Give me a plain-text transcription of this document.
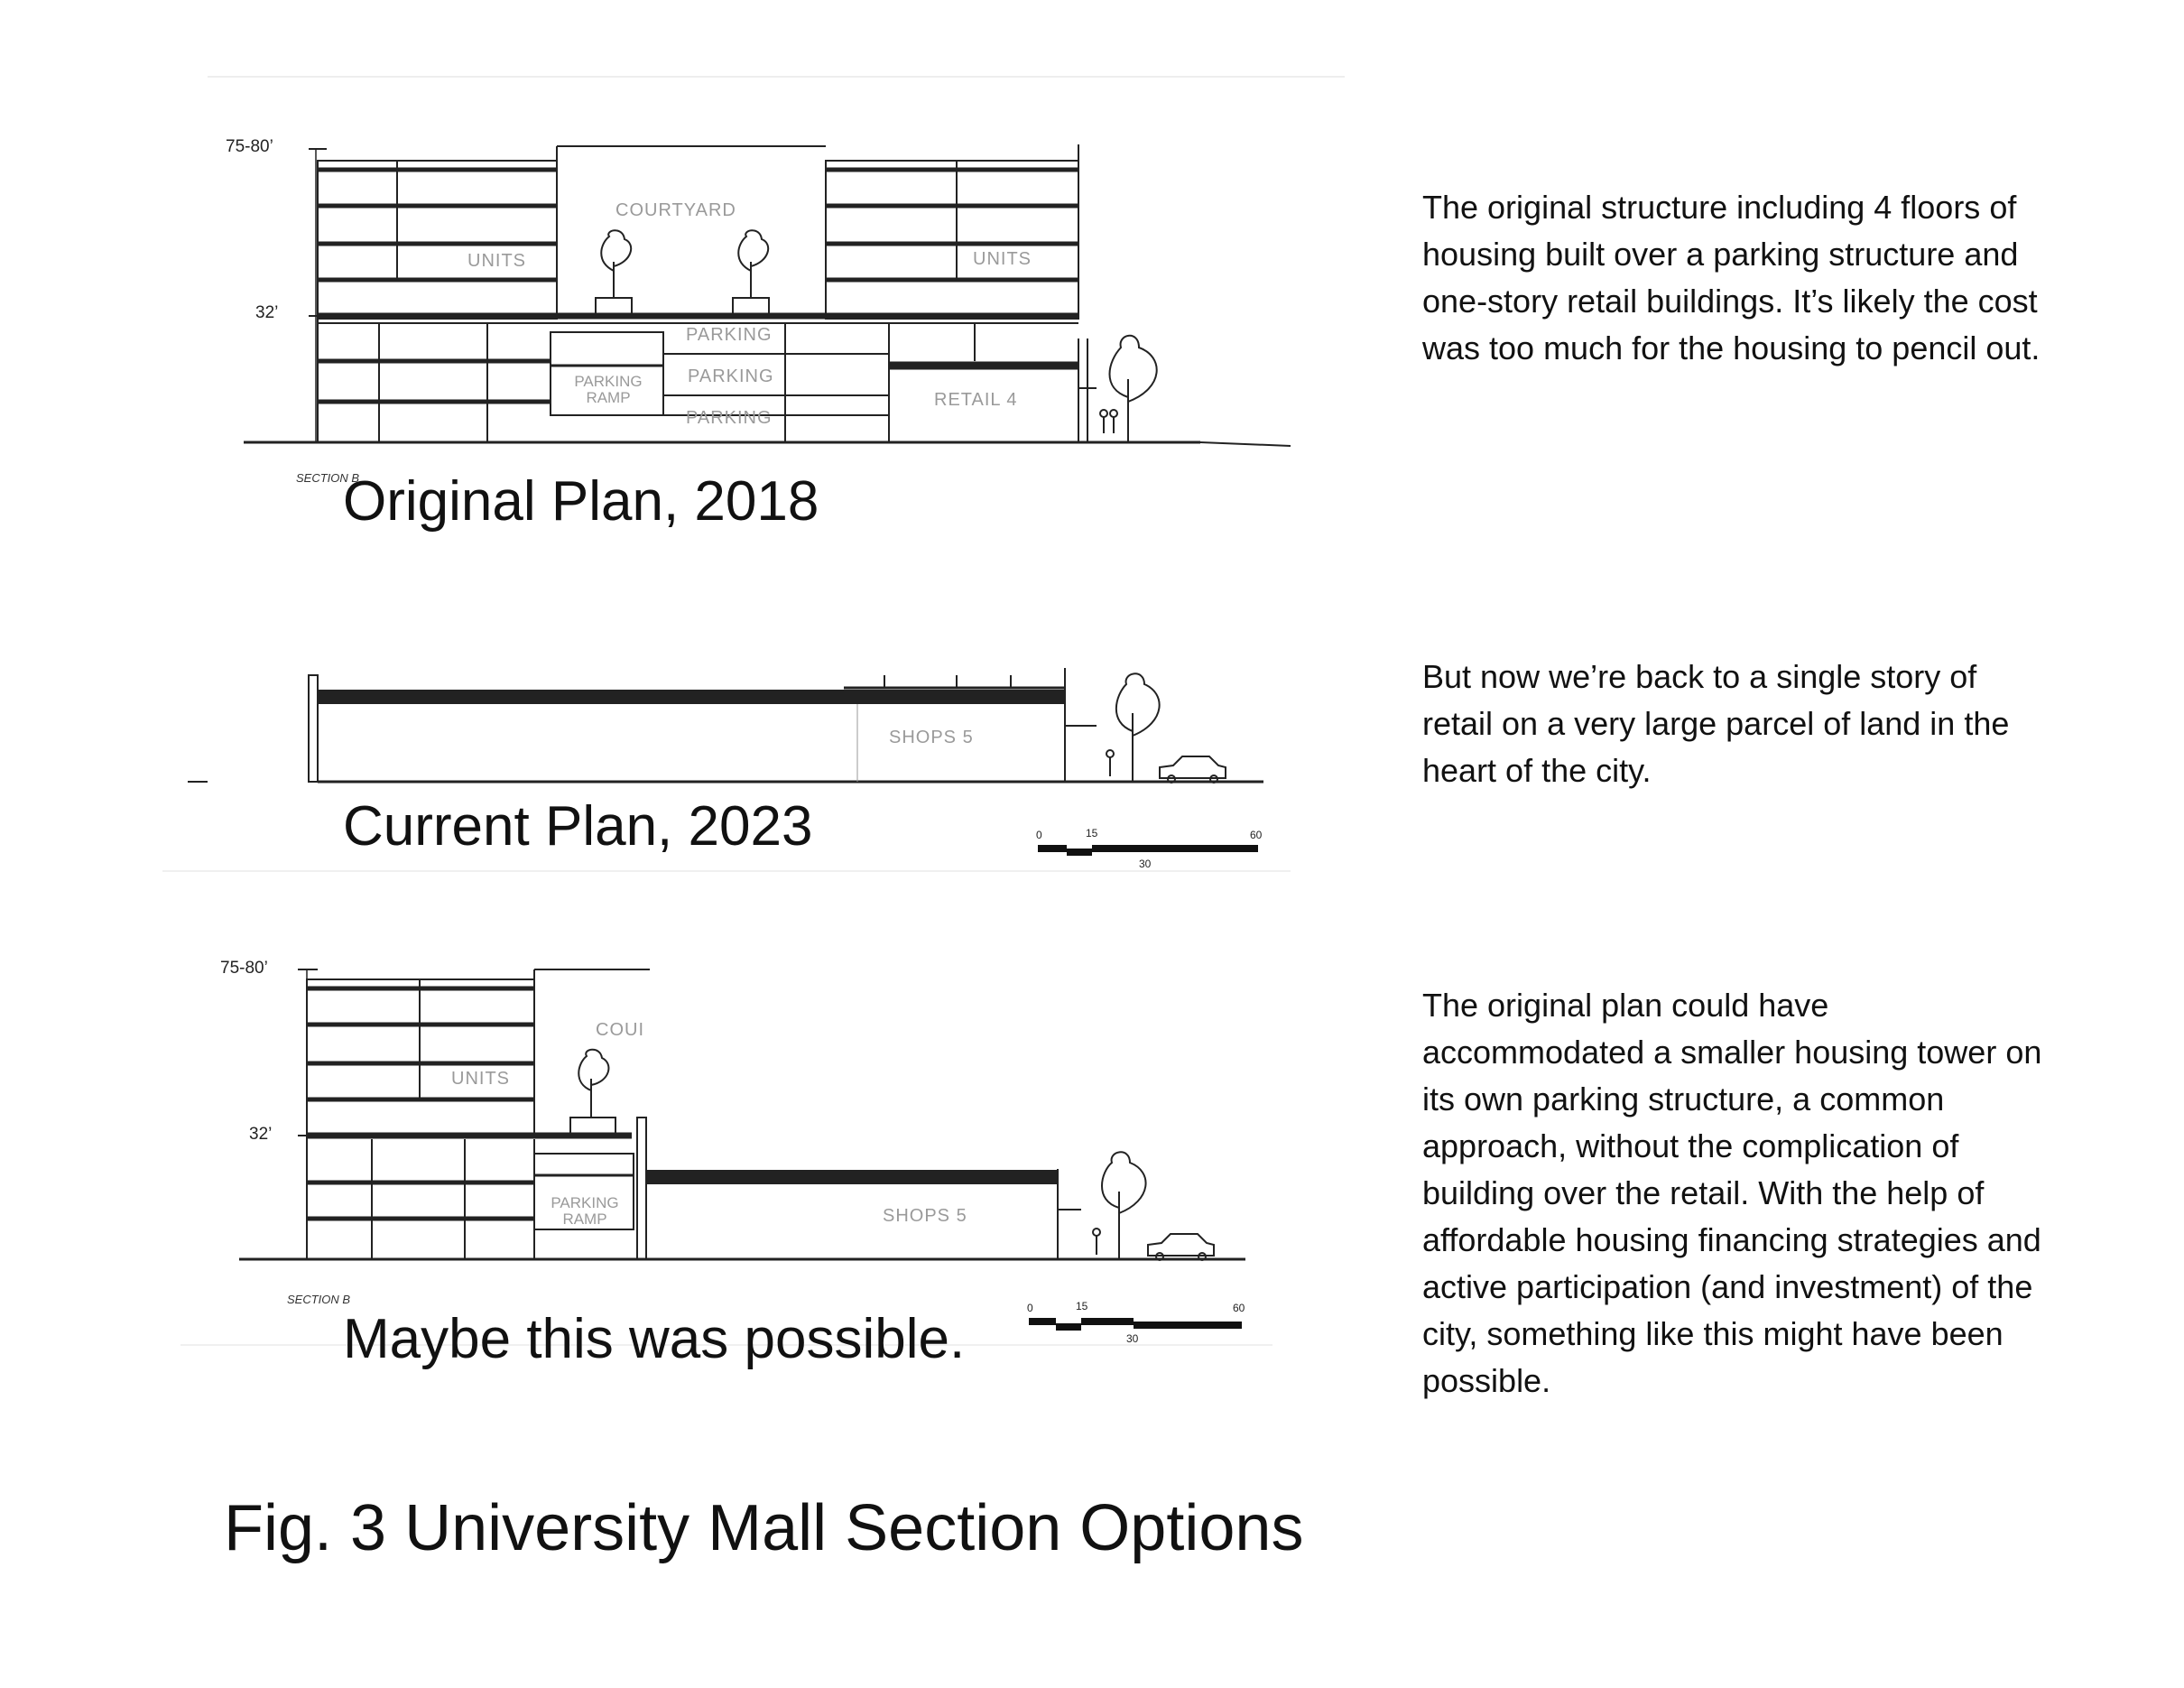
75-80’
32’
COURTYARD
UNITS	UNITS
PARKING
PARKING
PARKING
PARKING RAMP	RETAIL 4
SECTION B
Original Plan, 2018
The original structure including 4 floors of housing built over a parking structure and one-story retail buildings. It’s likely the cost was too much for the housing to pencil out.
SHOPS 5
0	15
30
60
Current Plan, 2023
But now we’re back to a single story of retail on a very large parcel of land in the heart of the city.
75-80’
32’
COUI
UNITS
PARKING RAMP	SHOPS 5
SECTION B
0	15
30
60
Maybe this was possible.
The original plan could have accommodated a smaller housing tower on its own parking structure, a common approach, without the complication of building over the retail. With the help of affordable housing financing strategies and active participation (and investment) of the city, something like this might have been possible.
Fig. 3 University Mall Section Options
